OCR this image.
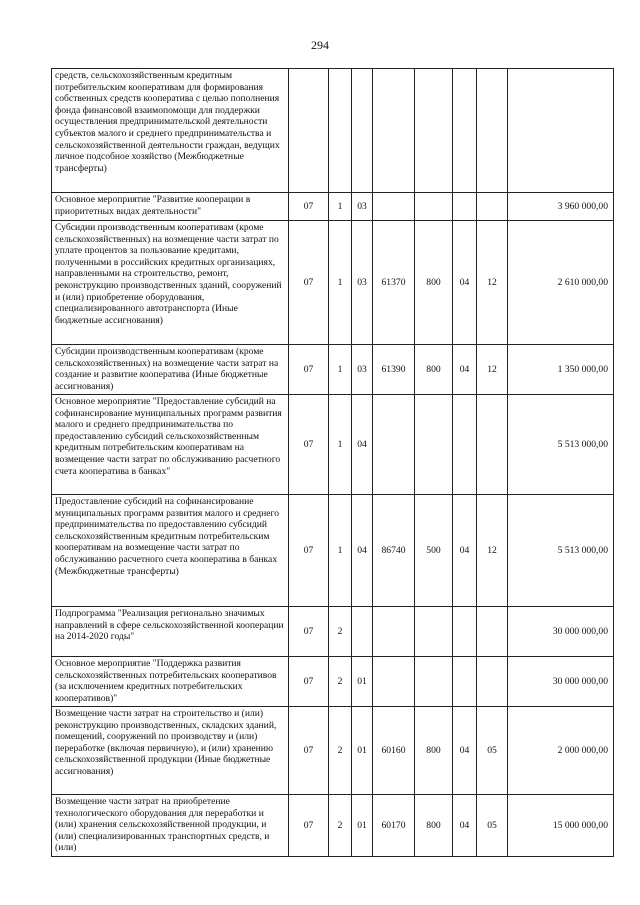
294
средств, сельскохозяйственным кредитным потребительским кооперативам для формирования собственных средств кооператива с целью пополнения фонда финансовой взаимопомощи для поддержки осуществления предпринимательской деятельности субъектов малого и среднего предпринимательства и сельскохозяйственной деятельности граждан, ведущих личное подсобное хозяйство (Межбюджетные трансферты)								
Основное мероприятие "Развитие кооперации в приоритетных видах деятельности"	07	1	03					3 960 000,00
Субсидии производственным кооперативам (кроме сельскохозяйственных) на возмещение части затрат по уплате процентов за пользование кредитами, полученными в российских кредитных организациях, направленными на строительство, ремонт, реконструкцию производственных зданий, сооружений и (или) приобретение оборудования, специализированного автотранспорта (Иные бюджетные ассигнования)	07	1	03	61370	800	04	12	2 610 000,00
Субсидии производственным кооперативам (кроме сельскохозяйственных) на возмещение части затрат на создание и развитие кооператива (Иные бюджетные ассигнования)	07	1	03	61390	800	04	12	1 350 000,00
Основное мероприятие "Предоставление субсидий на софинансирование муниципальных программ развития малого и среднего предпринимательства по предоставлению субсидий сельскохозяйственным кредитным потребительским кооперативам на возмещение части затрат по обслуживанию расчетного счета кооператива в банках"	07	1	04					5 513 000,00
Предоставление субсидий на софинансирование муниципальных программ развития малого и среднего предпринимательства по предоставлению субсидий сельскохозяйственным кредитным потребительским кооперативам на возмещение части затрат по обслуживанию расчетного счета кооператива в банках (Межбюджетные трансферты)	07	1	04	86740	500	04	12	5 513 000,00
Подпрограмма "Реализация регионально значимых направлений в сфере сельскохозяйственной кооперации на 2014-2020 годы"	07	2						30 000 000,00
Основное мероприятие "Поддержка развития сельскохозяйственных потребительских кооперативов (за исключением кредитных потребительских кооперативов)"	07	2	01					30 000 000,00
Возмещение части затрат на строительство и (или) реконструкцию производственных, складских зданий, помещений, сооружений по производству и (или) переработке (включая первичную), и (или) хранению сельскохозяйственной продукции (Иные бюджетные ассигнования)	07	2	01	60160	800	04	05	2 000 000,00
Возмещение части затрат на приобретение технологического оборудования для переработки и (или) хранения сельскохозяйственной продукции, и (или) специализированных транспортных средств, и (или)	07	2	01	60170	800	04	05	15 000 000,00
